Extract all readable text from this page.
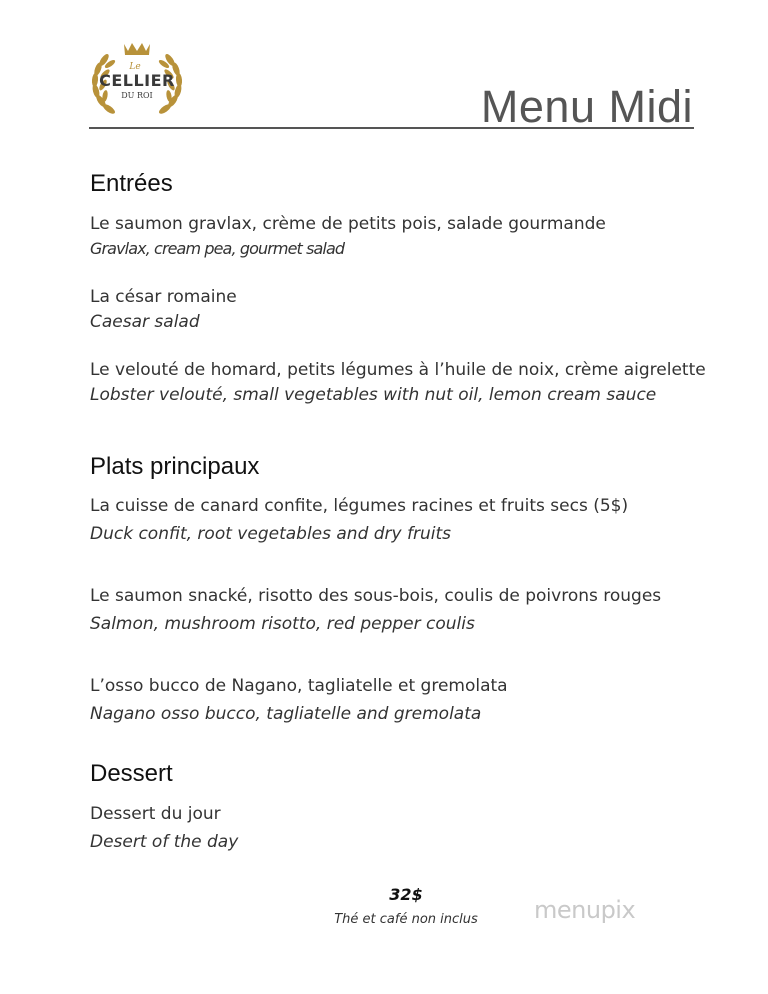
Le
CELLIER
DU ROI	Menu Midi
Entrées
Le saumon gravlax, crème de petits pois, salade gourmande
Gravlax, cream pea, gourmet salad
La césar romaine
Caesar salad
Le velouté de homard, petits légumes à l’huile de noix, crème aigrelette
Lobster velouté, small vegetables with nut oil, lemon cream sauce
Plats principaux
La cuisse de canard confite, légumes racines et fruits secs (5$)
Duck confit, root vegetables and dry fruits
Le saumon snacké, risotto des sous-bois, coulis de poivrons rouges
Salmon, mushroom risotto, red pepper coulis
L’osso bucco de Nagano, tagliatelle et gremolata
Nagano osso bucco, tagliatelle and gremolata
Dessert
Dessert du jour
Desert of the day
32$
Thé et café non inclus	menupix
